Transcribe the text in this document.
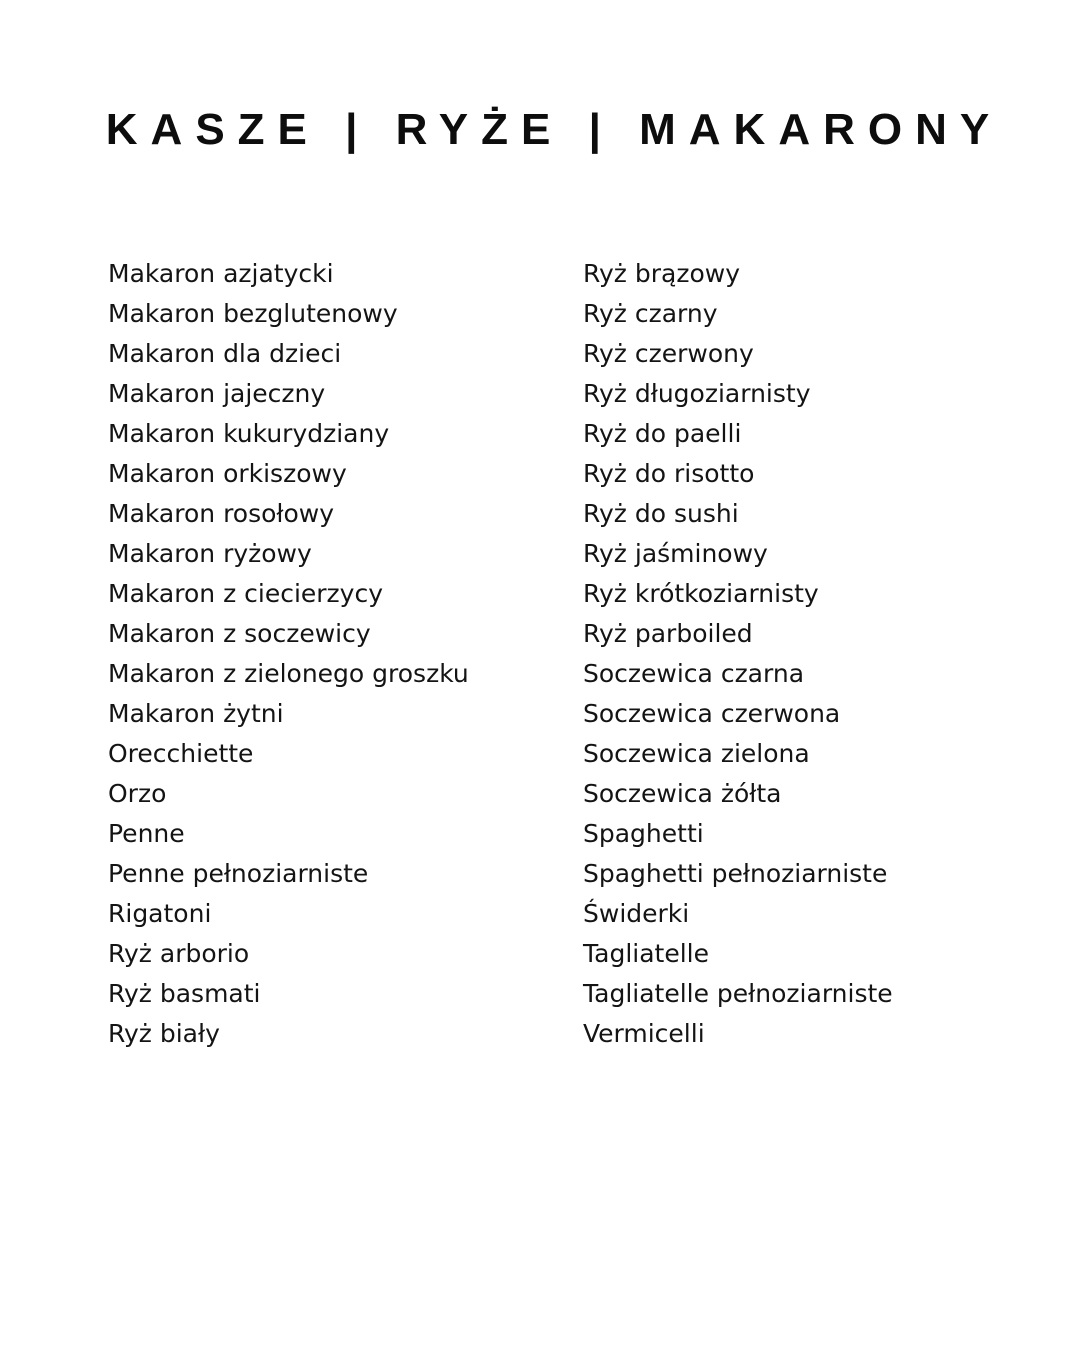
KASZE | RYŻE | MAKARONY
Makaron azjatycki
Makaron bezglutenowy
Makaron dla dzieci
Makaron jajeczny
Makaron kukurydziany
Makaron orkiszowy
Makaron rosołowy
Makaron ryżowy
Makaron z ciecierzycy
Makaron z soczewicy
Makaron z zielonego groszku
Makaron żytni
Orecchiette
Orzo
Penne
Penne pełnoziarniste
Rigatoni
Ryż arborio
Ryż basmati
Ryż biały
Ryż brązowy
Ryż czarny
Ryż czerwony
Ryż długoziarnisty
Ryż do paelli
Ryż do risotto
Ryż do sushi
Ryż jaśminowy
Ryż krótkoziarnisty
Ryż parboiled
Soczewica czarna
Soczewica czerwona
Soczewica zielona
Soczewica żółta
Spaghetti
Spaghetti pełnoziarniste
Świderki
Tagliatelle
Tagliatelle pełnoziarniste
Vermicelli
